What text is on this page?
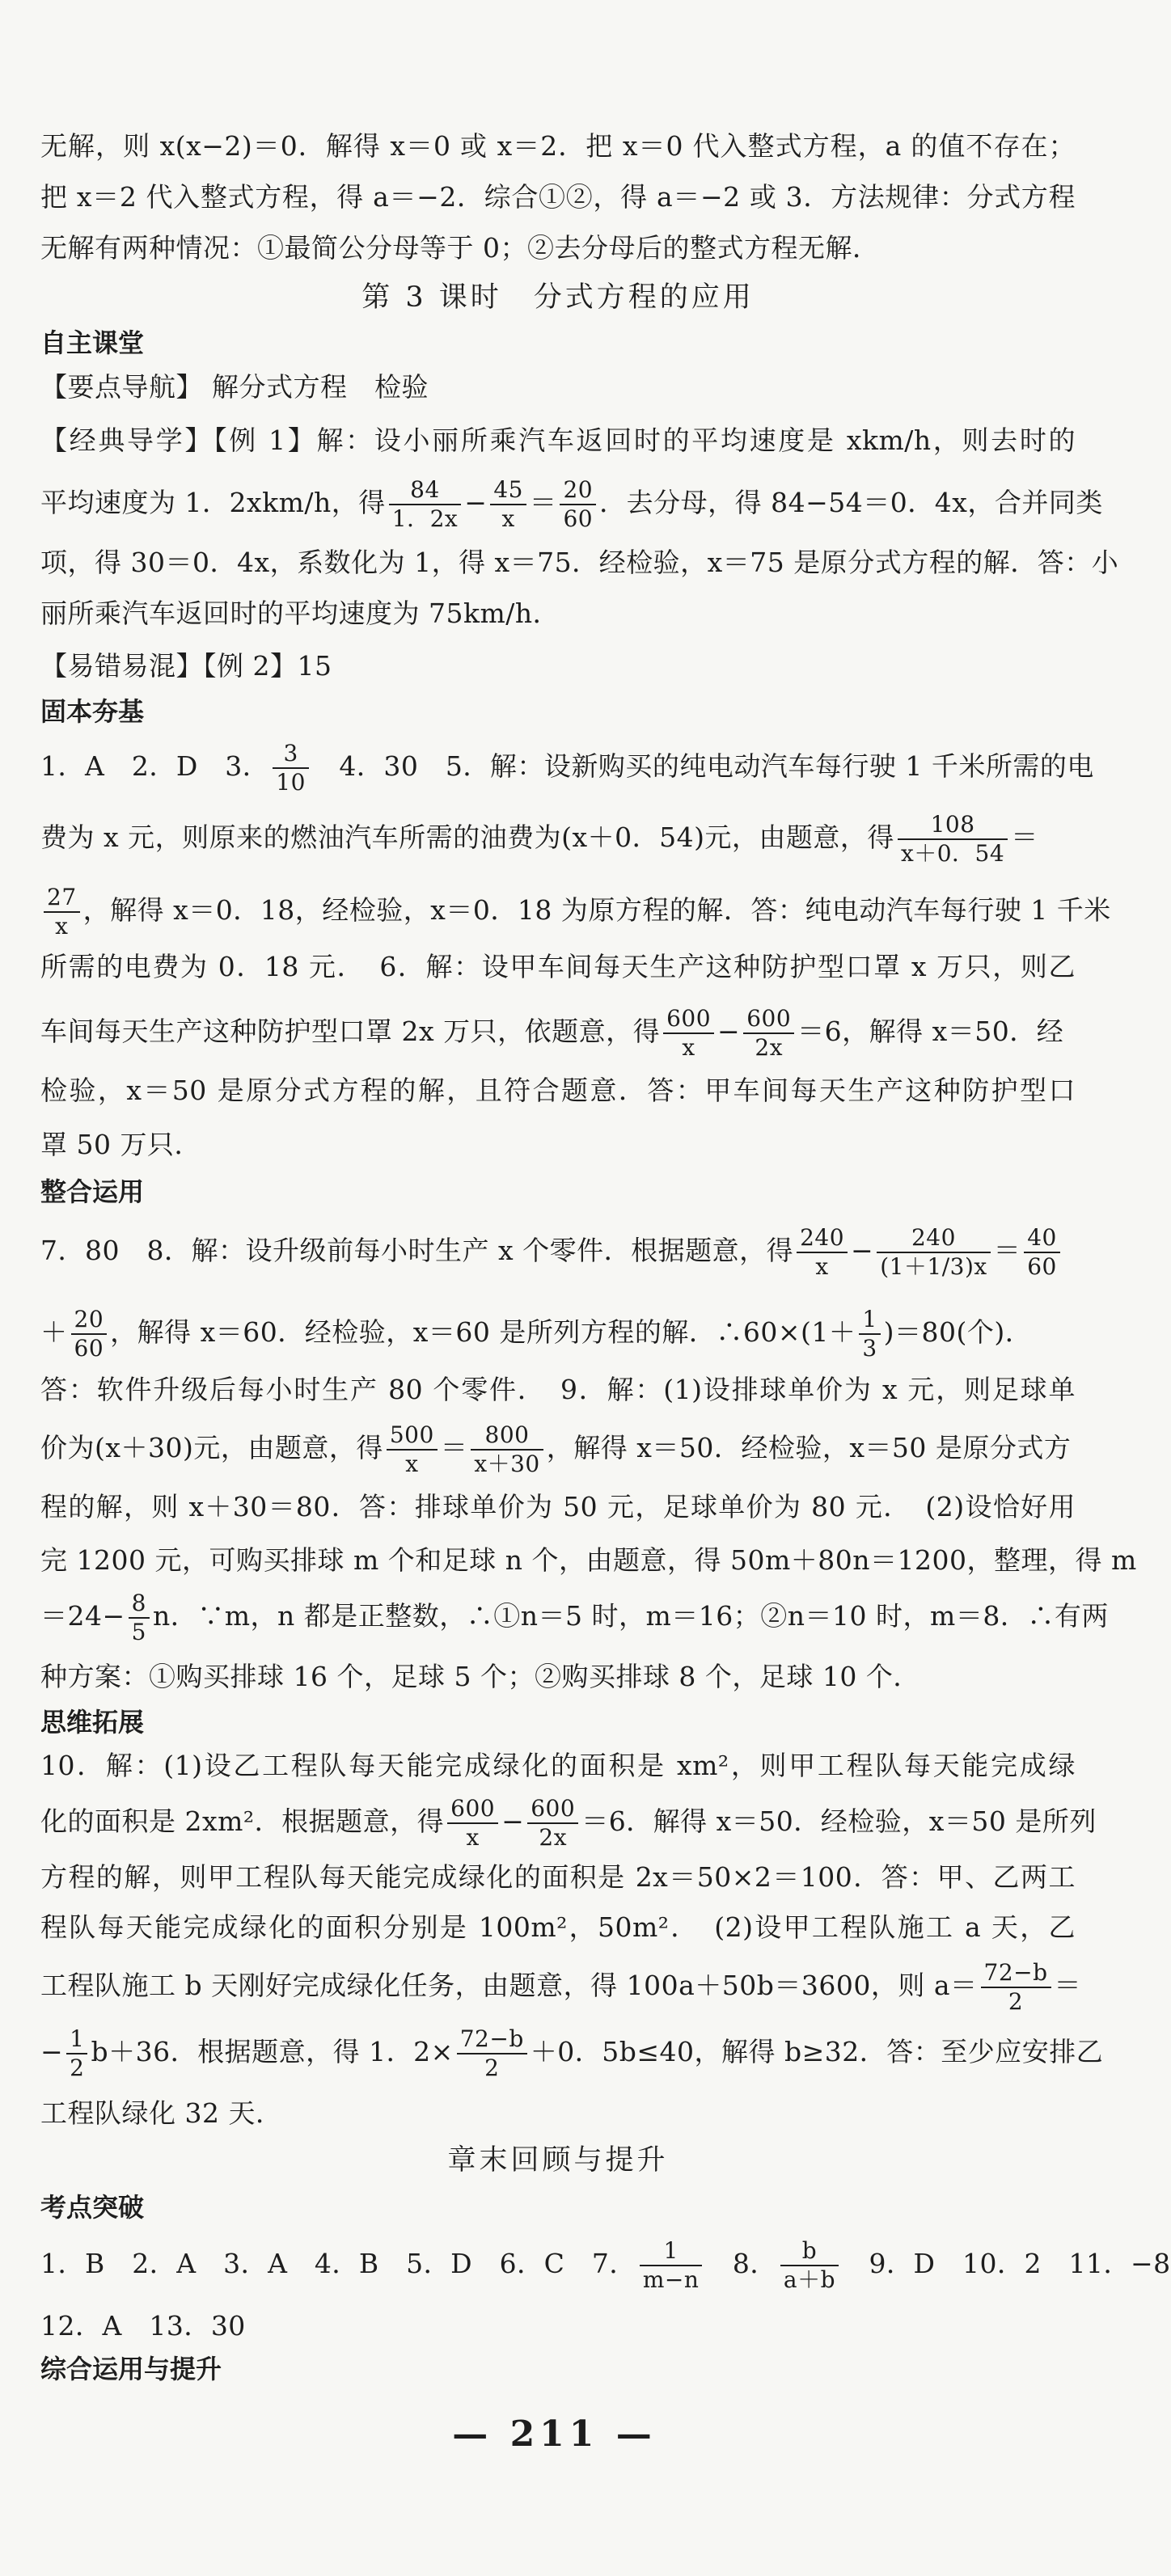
无解，则 x(x−2)＝0．解得 x＝0 或 x＝2．把 x＝0 代入整式方程，a 的值不存在；
把 x＝2 代入整式方程，得 a＝−2．综合①②，得 a＝−2 或 3．方法规律：分式方程
无解有两种情况：①最简公分母等于 0；②去分母后的整式方程无解．
第 3 课时　分式方程的应用
自主课堂
【要点导航】 解分式方程　检验
【经典导学】【例 1】解：设小丽所乘汽车返回时的平均速度是 xkm/h，则去时的
平均速度为 1．2xkm/h，得 $\frac{84}{1.2x} - \frac{45}{x} = \frac{20}{60}$ ．去分母，得 84−54＝0．4x，合并同类
项，得 30＝0．4x，系数化为 1，得 x＝75．经检验，x＝75 是原分式方程的解．答：小
丽所乘汽车返回时的平均速度为 75km/h．
【易错易混】【例 2】15
固本夯基
1．A　2．D　3． $\frac{3}{10}$ 　4．30　5．解：设新购买的纯电动汽车每行驶 1 千米所需的电
费为 x 元，则原来的燃油汽车所需的油费为(x＋0．54)元，由题意，得 $\frac{108}{x+0.54}$ ＝
$\frac{27}{x}$ ，解得 x＝0．18，经检验，x＝0．18 为原方程的解．答：纯电动汽车每行驶 1 千米
所需的电费为 0．18 元．　6．解：设甲车间每天生产这种防护型口罩 x 万只，则乙
车间每天生产这种防护型口罩 2x 万只，依题意，得 $\frac{600}{x} - \frac{600}{2x} =6$，解得 x＝50．经
检验，x＝50 是原分式方程的解，且符合题意．答：甲车间每天生产这种防护型口
罩 50 万只．
整合运用
7．80　8．解：设升级前每小时生产 x 个零件．根据题意，得 $\frac{240}{x} - \frac{240}{(1+1/3)x} = \frac{40}{60}$
＋ $\frac{20}{60}$ ，解得 x＝60．经检验，x＝60 是所列方程的解．∴60×(1＋ $\frac{1}{3} )=80$(个)．
答：软件升级后每小时生产 80 个零件．　9．解：(1)设排球单价为 x 元，则足球单
价为(x＋30)元，由题意，得 $\frac{500}{x} = \frac{800}{x+30}$ ，解得 x＝50．经检验，x＝50 是原分式方
程的解，则 x＋30＝80．答：排球单价为 50 元，足球单价为 80 元．　(2)设恰好用
完 1200 元，可购买排球 m 个和足球 n 个，由题意，得 50m＋80n＝1200，整理，得 m
$=24- \frac{8}{5}$ n．∵m，n 都是正整数，∴①n＝5 时，m＝16；②n＝10 时，m＝8．∴有两
种方案：①购买排球 16 个，足球 5 个；②购买排球 8 个，足球 10 个．
思维拓展
10．解：(1)设乙工程队每天能完成绿化的面积是 xm²，则甲工程队每天能完成绿
化的面积是 2xm²．根据题意，得 $\frac{600}{x} - \frac{600}{2x} =6$．解得 x＝50．经检验，x＝50 是所列
方程的解，则甲工程队每天能完成绿化的面积是 2x＝50×2＝100．答：甲、乙两工
程队每天能完成绿化的面积分别是 100m²，50m²．　(2)设甲工程队施工 a 天，乙
工程队施工 b 天刚好完成绿化任务，由题意，得 100a＋50b＝3600，则 $a= \frac{72-b}{2}$ ＝
− $\frac{1}{2} b+36$．根据题意，得 1．$2\times \frac{72-b}{2} +0$．5b≤40，解得 b≥32．答：至少应安排乙
工程队绿化 32 天．
章末回顾与提升
考点突破
1．B　2．A　3．A　4．B　5．D　6．C　7． $\frac{1}{m-n}$ 　8． $\frac{b}{a+b}$ 　9．D　10．2　11．−8
12．A　13．30
综合运用与提升
— 211 —
